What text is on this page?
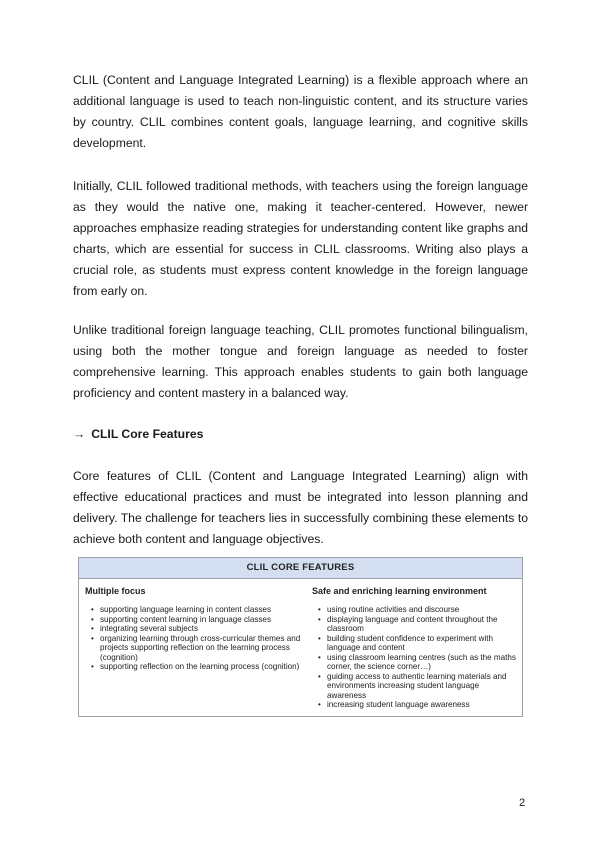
CLIL (Content and Language Integrated Learning) is a flexible approach where an additional language is used to teach non-linguistic content, and its structure varies by country. CLIL combines content goals, language learning, and cognitive skills development.

Initially, CLIL followed traditional methods, with teachers using the foreign language as they would the native one, making it teacher-centered. However, newer approaches emphasize reading strategies for understanding content like graphs and charts, which are essential for success in CLIL classrooms. Writing also plays a crucial role, as students must express content knowledge in the foreign language from early on.

Unlike traditional foreign language teaching, CLIL promotes functional bilingualism, using both the mother tongue and foreign language as needed to foster comprehensive learning. This approach enables students to gain both language proficiency and content mastery in a balanced way.

→ CLIL Core Features

Core features of CLIL (Content and Language Integrated Learning) align with effective educational practices and must be integrated into lesson planning and delivery. The challenge for teachers lies in successfully combining these elements to achieve both content and language objectives.

CLIL CORE FEATURES

Multiple focus

• supporting language learning in content classes
• supporting content learning in language classes
• integrating several subjects
• organizing learning through cross-curricular themes and projects supporting reflection on the learning process (cognition)
• supporting reflection on the learning process (cognition)

Safe and enriching learning environment

• using routine activities and discourse
• displaying language and content throughout the classroom
• building student confidence to experiment with language and content
• using classroom learning centres (such as the maths corner, the science corner…)
• guiding access to authentic learning materials and environments increasing student language awareness
• increasing student language awareness

2
